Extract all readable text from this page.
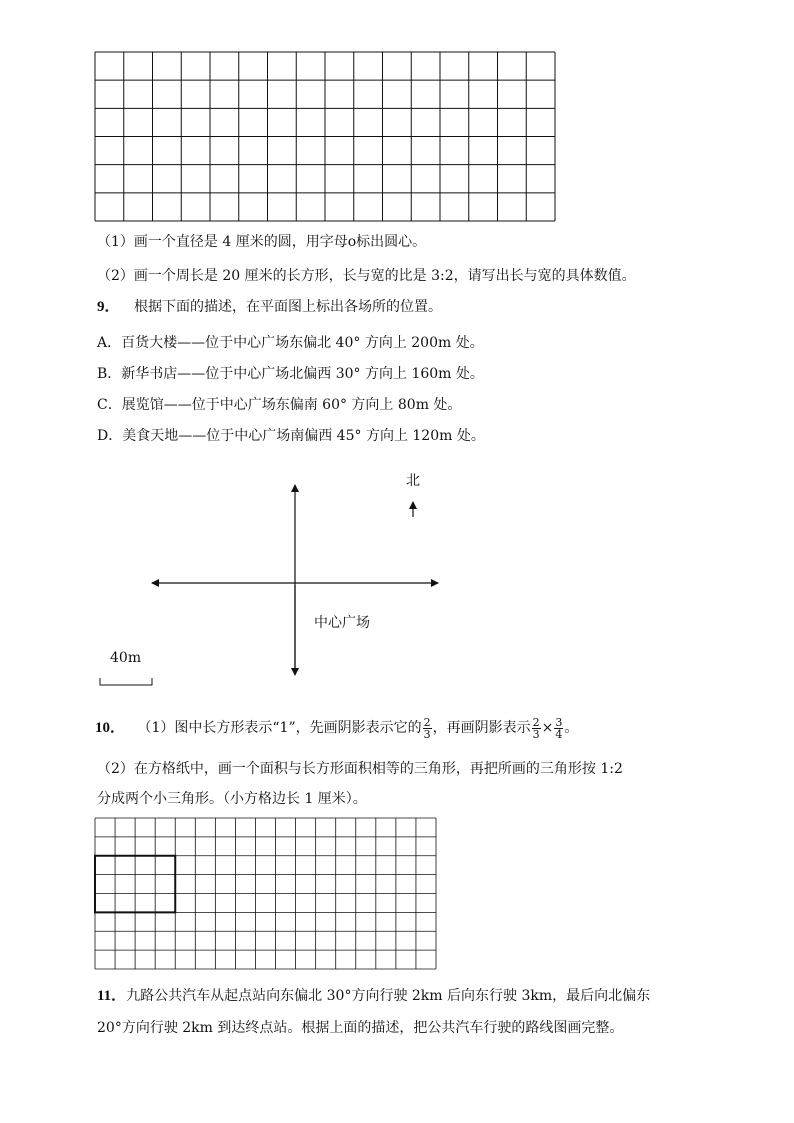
（1）画一个直径是 4 厘米的圆，用字母o标出圆心。
（2）画一个周长是 20 厘米的长方形，长与宽的比是 3:2，请写出长与宽的具体数值。
9． 根据下面的描述，在平面图上标出各场所的位置。
A．百货大楼——位于中心广场东偏北 40° 方向上 200m 处。
B．新华书店——位于中心广场北偏西 30° 方向上 160m 处。
C．展览馆——位于中心广场东偏南 60° 方向上 80m 处。
D．美食天地——位于中心广场南偏西 45° 方向上 120m 处。
北
中心广场
40m
10． （1）图中长方形表示“1”，先画阴影表示它的 $\frac{2}{3}$ ，再画阴影表示 $\frac{2}{3} \times \frac{3}{4}$ 。
（2）在方格纸中，画一个面积与长方形面积相等的三角形，再把所画的三角形按 1:2
分成两个小三角形。（小方格边长 1 厘米）。
11．九路公共汽车从起点站向东偏北 30°方向行驶 2km 后向东行驶 3km，最后向北偏东
20°方向行驶 2km 到达终点站。根据上面的描述，把公共汽车行驶的路线图画完整。
